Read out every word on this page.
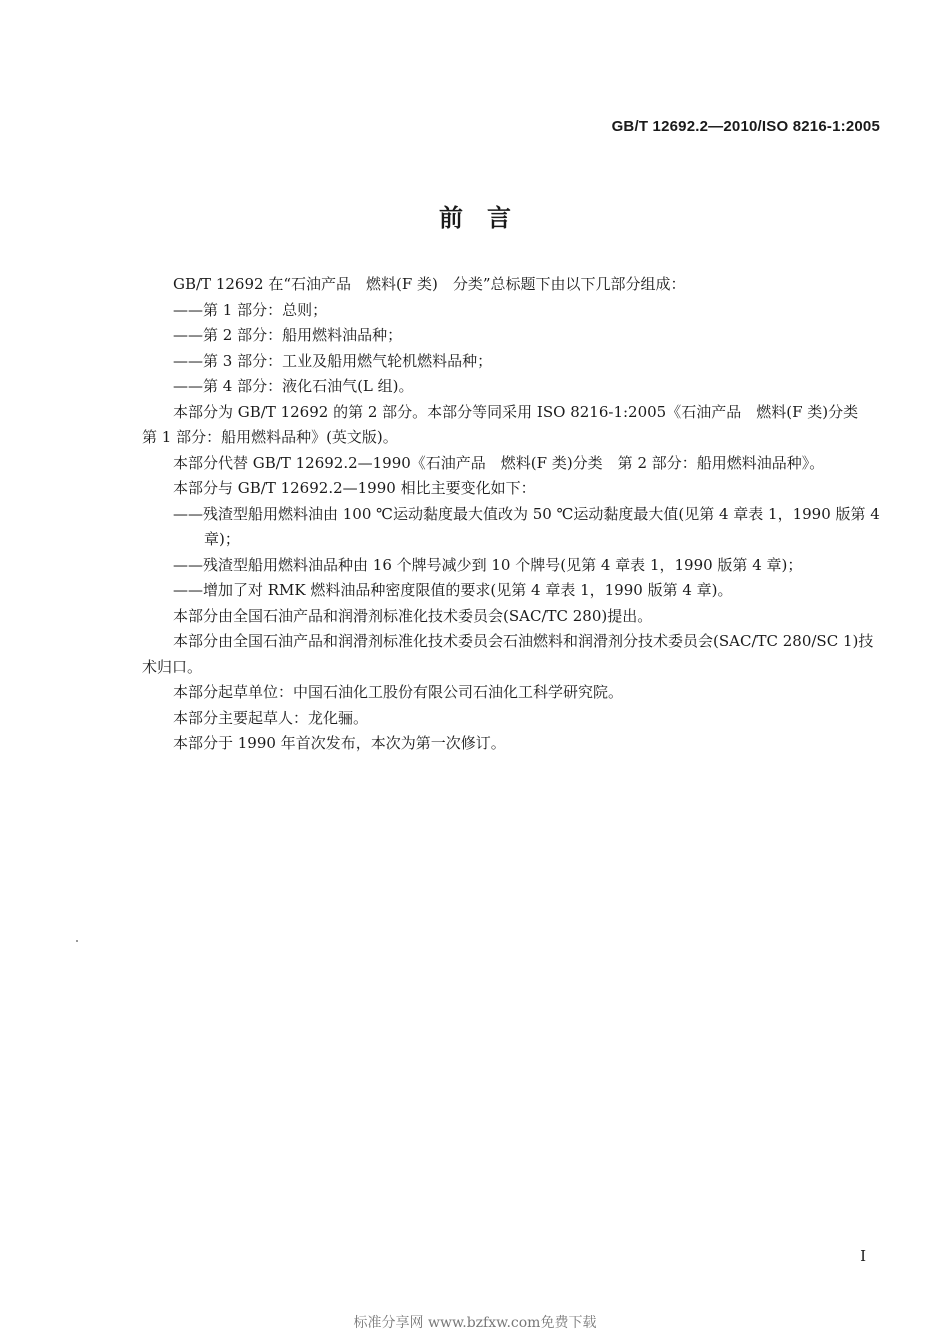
GB/T 12692.2—2010/ISO 8216-1:2005
前　言

GB/T 12692 在“石油产品　燃料(F 类)　分类”总标题下由以下几部分组成：

——第 1 部分：总则；

——第 2 部分：船用燃料油品种；

——第 3 部分：工业及船用燃气轮机燃料品种；

——第 4 部分：液化石油气(L 组)。

本部分为 GB/T 12692 的第 2 部分。本部分等同采用 ISO 8216-1:2005《石油产品　燃料(F 类)分类　第 1 部分：船用燃料品种》(英文版)。

本部分代替 GB/T 12692.2—1990《石油产品　燃料(F 类)分类　第 2 部分：船用燃料油品种》。

本部分与 GB/T 12692.2—1990 相比主要变化如下：

——残渣型船用燃料油由 100 ℃运动黏度最大值改为 50 ℃运动黏度最大值(见第 4 章表 1，1990 版第 4 章)；

——残渣型船用燃料油品种由 16 个牌号减少到 10 个牌号(见第 4 章表 1，1990 版第 4 章)；

——增加了对 RMK 燃料油品种密度限值的要求(见第 4 章表 1，1990 版第 4 章)。

本部分由全国石油产品和润滑剂标准化技术委员会(SAC/TC 280)提出。

本部分由全国石油产品和润滑剂标准化技术委员会石油燃料和润滑剂分技术委员会(SAC/TC 280/SC 1)技术归口。

本部分起草单位：中国石油化工股份有限公司石油化工科学研究院。

本部分主要起草人：龙化骊。

本部分于 1990 年首次发布，本次为第一次修订。

I
标准分享网 www.bzfxw.com免费下载
